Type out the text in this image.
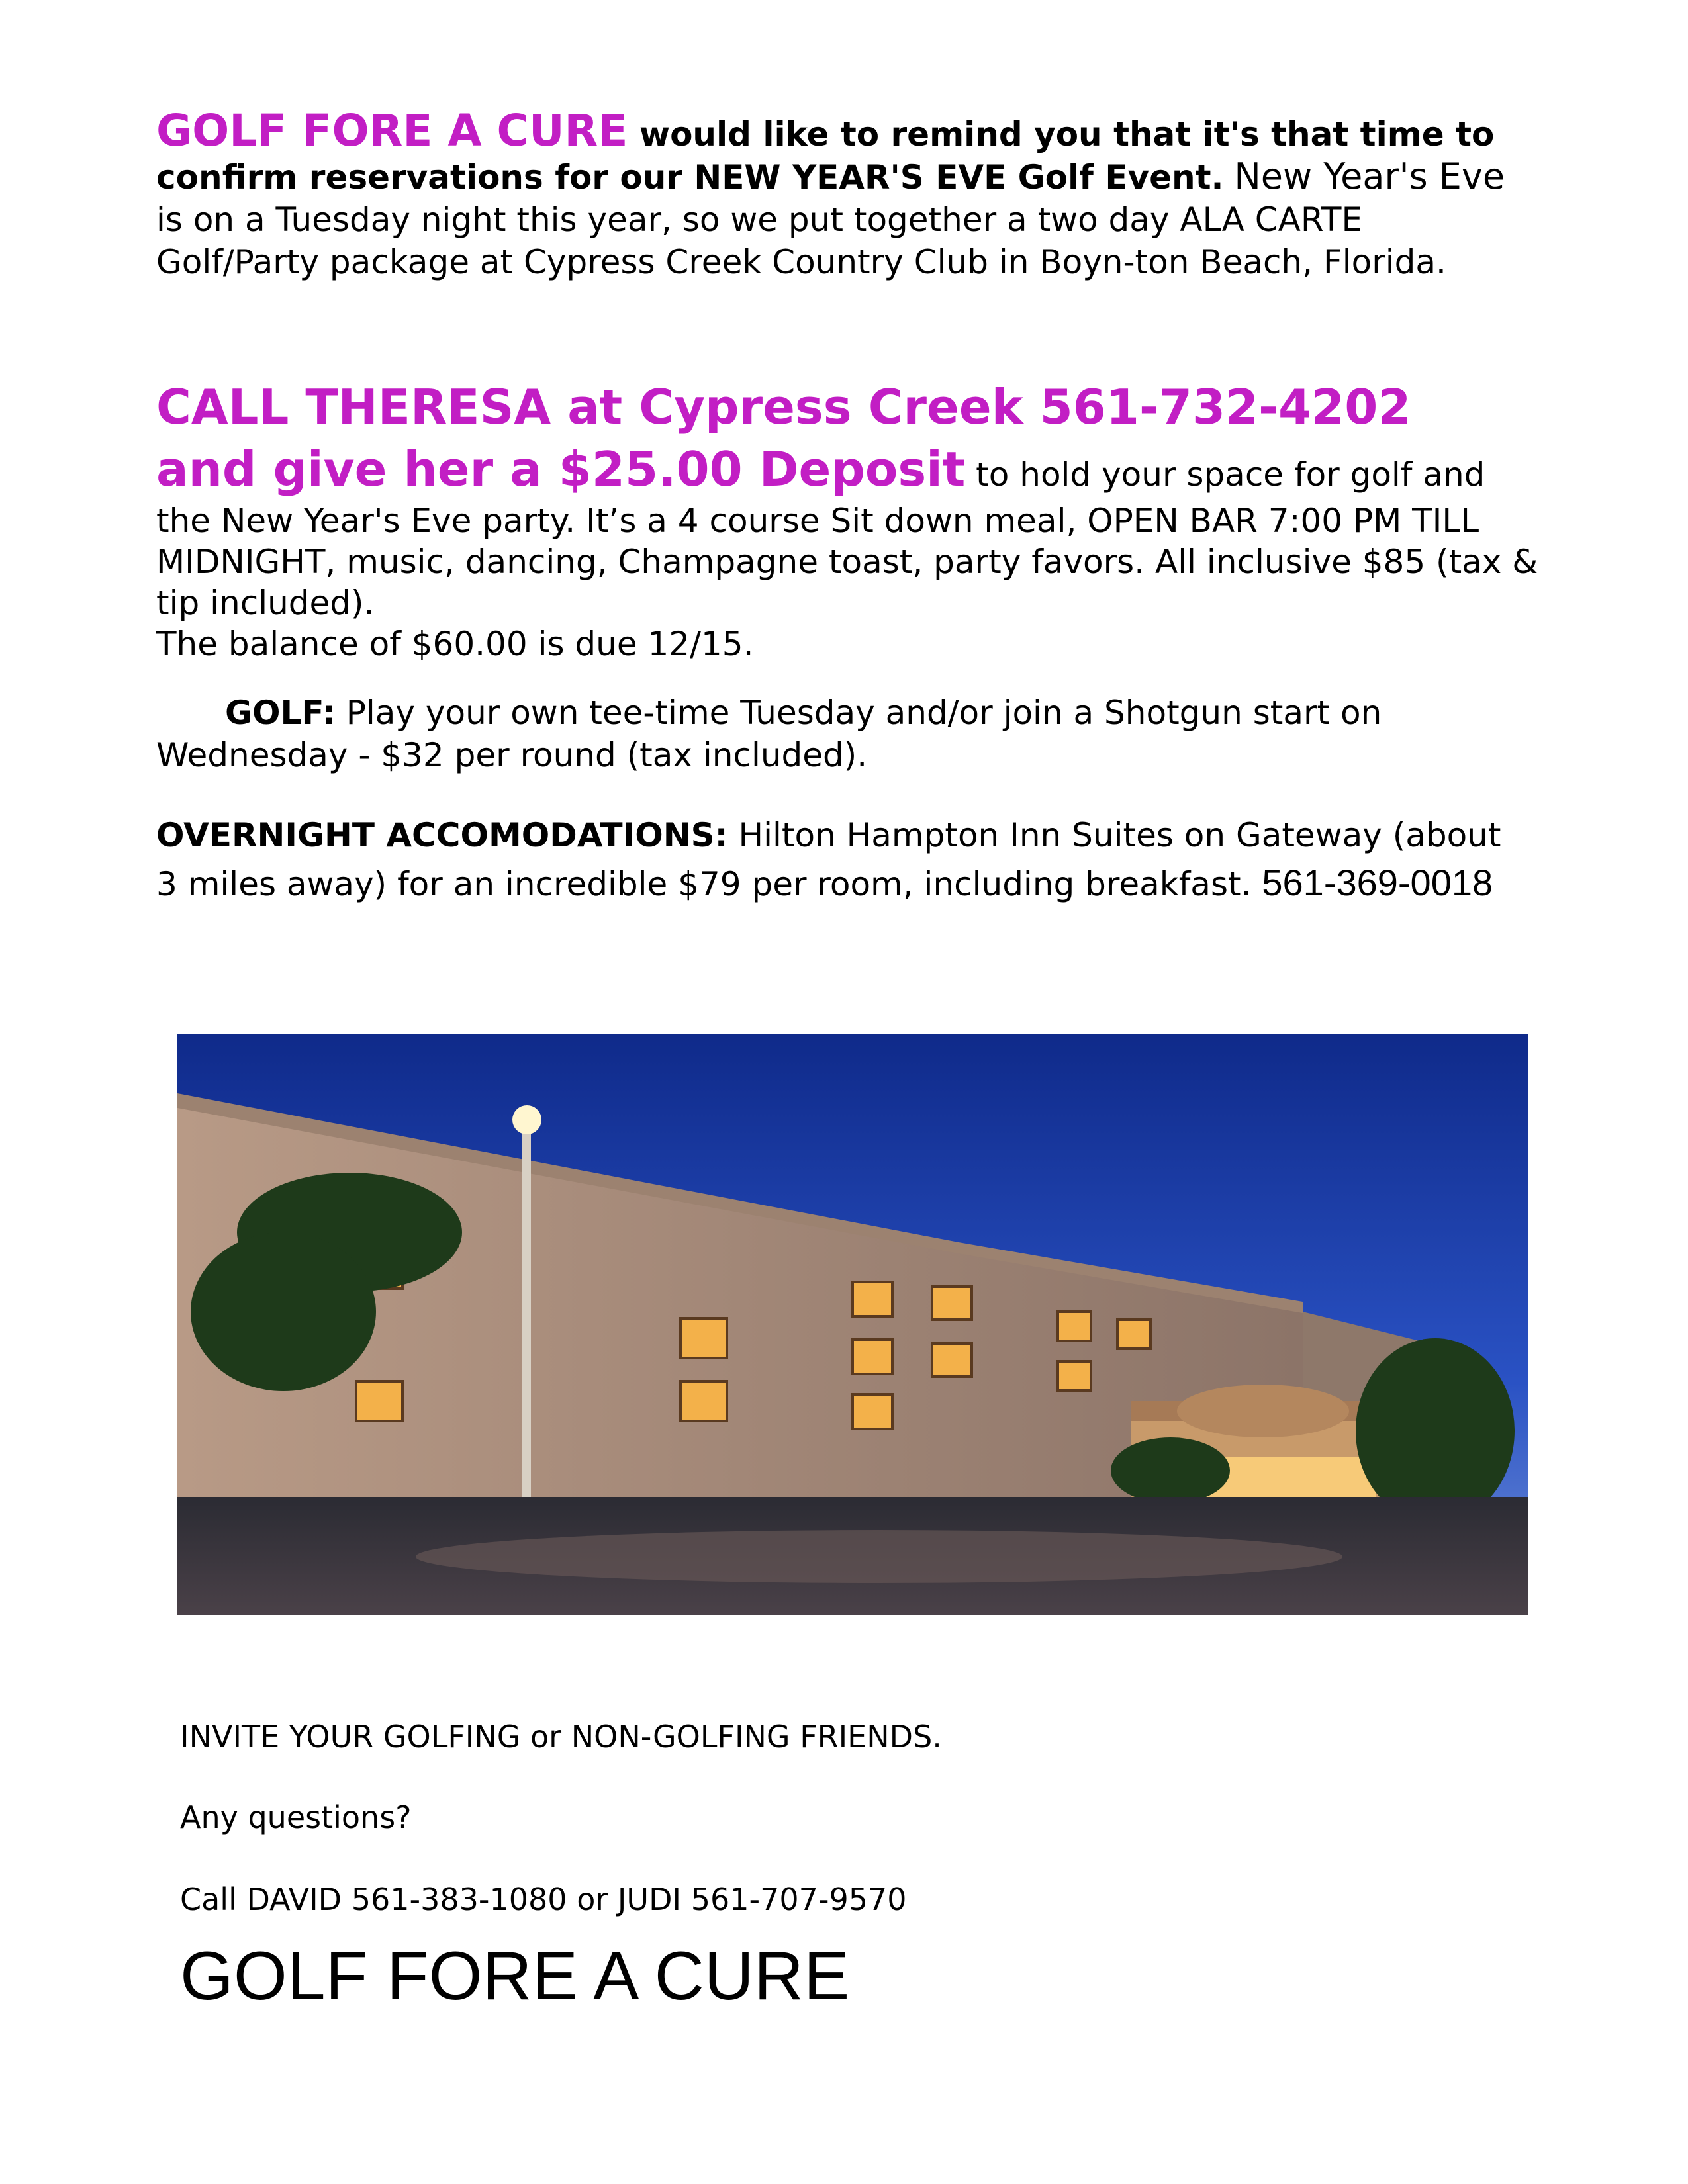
GOLF FORE A CURE would like to remind you that it's that time to confirm reservations for our NEW YEAR'S EVE Golf Event. New Year's Eve is on a Tuesday night this year, so we put together a two day ALA CARTE Golf/Party package at Cypress Creek Country Club in Boyn-ton Beach, Florida.
CALL THERESA at Cypress Creek 561-732-4202
and give her a $25.00 Deposit to hold your space for golf and the New Year's Eve party. It’s a 4 course Sit down meal, OPEN BAR 7:00 PM TILL MIDNIGHT, music, dancing, Champagne toast, party favors. All inclusive $85 (tax & tip included).
The balance of $60.00 is due 12/15.
GOLF: Play your own tee-time Tuesday and/or join a Shotgun start on Wednesday - $32 per round (tax included).
OVERNIGHT ACCOMODATIONS: Hilton Hampton Inn Suites on Gateway (about 3 miles away) for an incredible $79 per room, including breakfast. 561-369-0018
INVITE YOUR GOLFING or NON-GOLFING FRIENDS.
Any questions?
Call DAVID 561-383-1080 or JUDI 561-707-9570
GOLF FORE A CURE
